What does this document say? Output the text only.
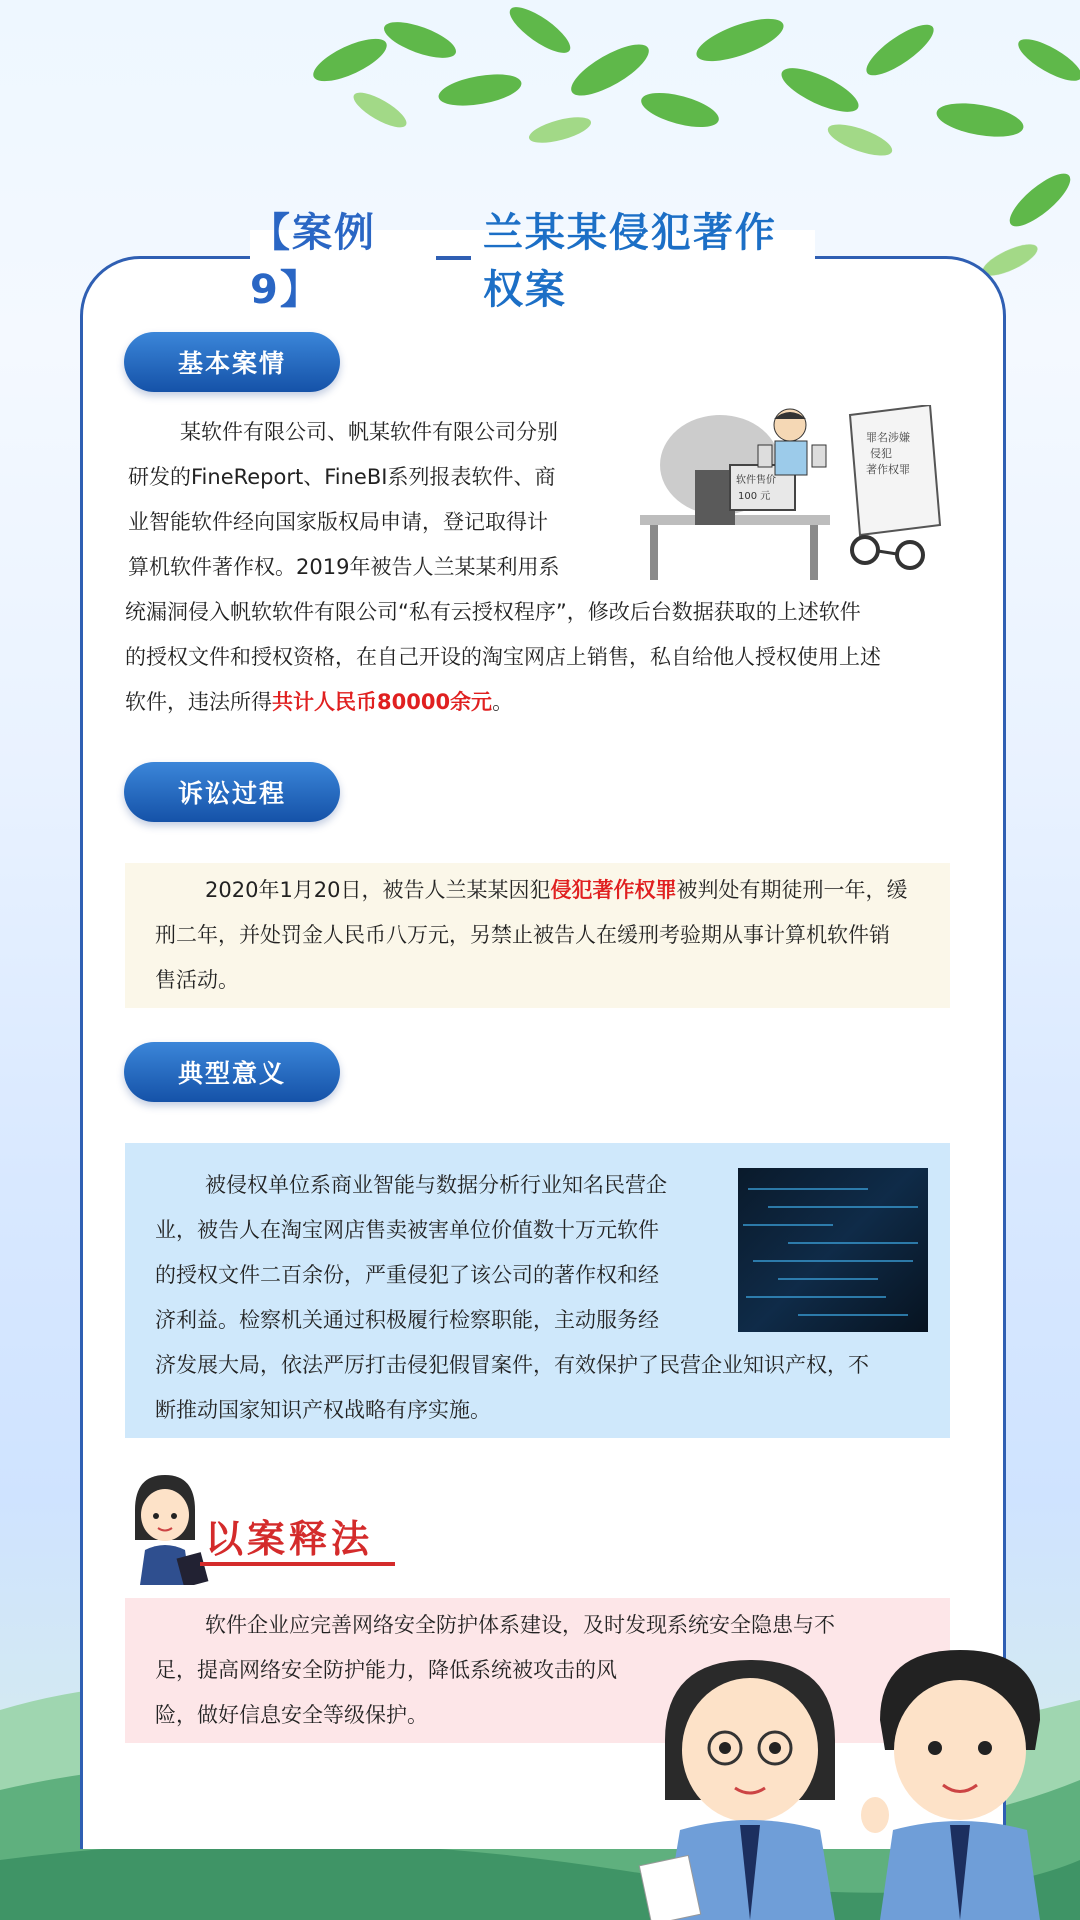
【案例9】
兰某某侵犯著作权案
基本案情
某软件有限公司、帆某软件有限公司分别
研发的FineReport、FineBI系列报表软件、商
业智能软件经向国家版权局申请，登记取得计
算机软件著作权。2019年被告人兰某某利用系
统漏洞侵入帆软软件有限公司“私有云授权程序”，修改后台数据获取的上述软件
的授权文件和授权资格，在自己开设的淘宝网店上销售，私自给他人授权使用上述
软件，违法所得共计人民币80000余元。
软件售价
100 元
罪名涉嫌
侵犯
著作权罪
诉讼过程
2020年1月20日，被告人兰某某因犯侵犯著作权罪被判处有期徒刑一年，缓
刑二年，并处罚金人民币八万元，另禁止被告人在缓刑考验期从事计算机软件销
售活动。
典型意义
被侵权单位系商业智能与数据分析行业知名民营企
业，被告人在淘宝网店售卖被害单位价值数十万元软件
的授权文件二百余份，严重侵犯了该公司的著作权和经
济利益。检察机关通过积极履行检察职能，主动服务经
济发展大局，依法严厉打击侵犯假冒案件，有效保护了民营企业知识产权，不
断推动国家知识产权战略有序实施。
以案释法
软件企业应完善网络安全防护体系建设，及时发现系统安全隐患与不
足，提高网络安全防护能力，降低系统被攻击的风
险，做好信息安全等级保护。
